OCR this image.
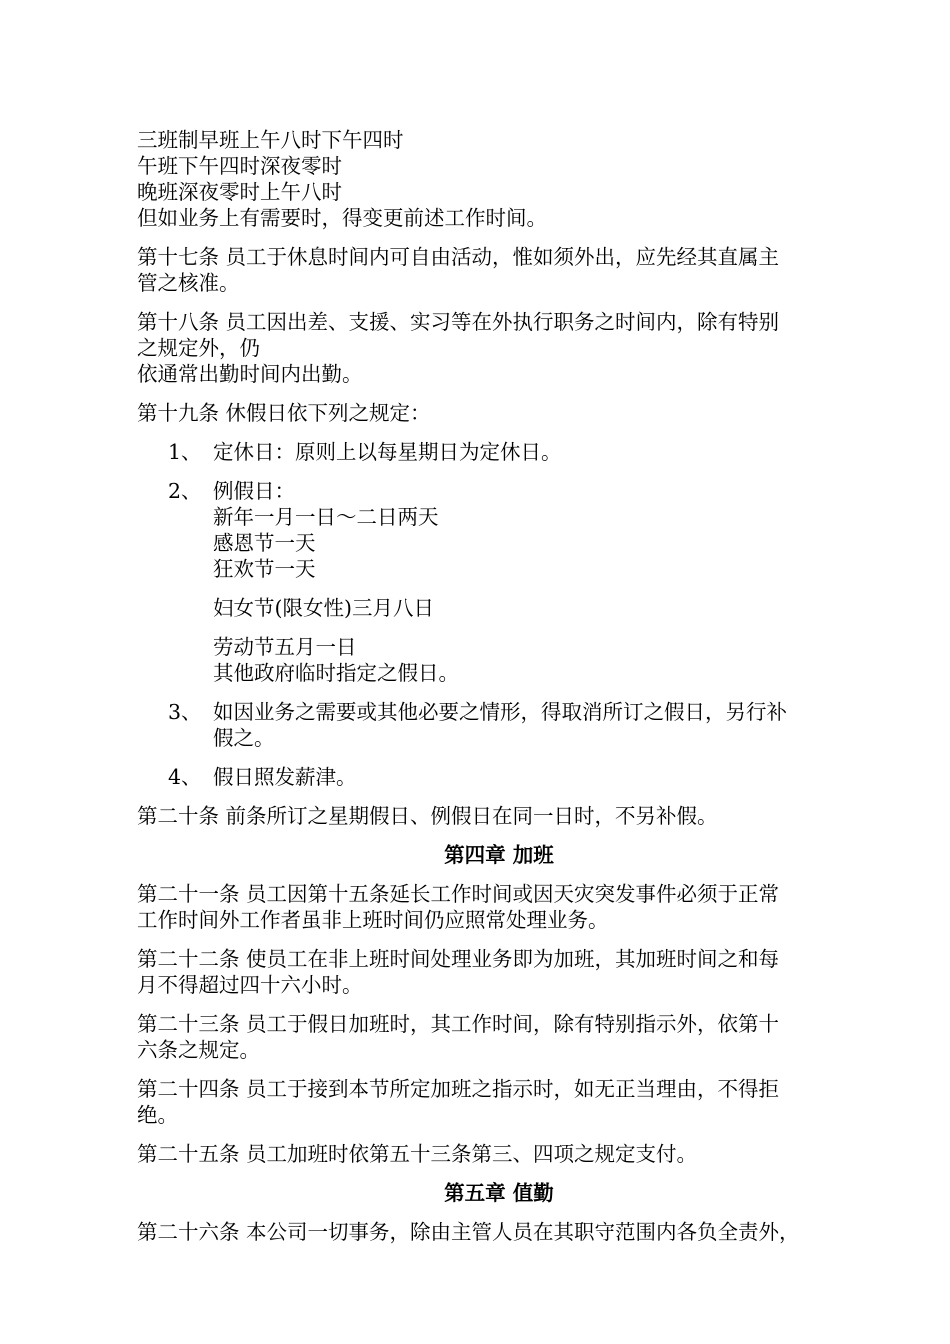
三班制早班上午八时下午四时
午班下午四时深夜零时
晚班深夜零时上午八时
但如业务上有需要时，得变更前述工作时间。
第十七条 员工于休息时间内可自由活动，惟如须外出，应先经其直属主
管之核准。
第十八条 员工因出差、支援、实习等在外执行职务之时间内，除有特别
之规定外，仍
依通常出勤时间内出勤。
第十九条 休假日依下列之规定：
1、 定休日：原则上以每星期日为定休日。
2、 例假日：
新年一月一日～二日两天
感恩节一天
狂欢节一天
妇女节(限女性)三月八日
劳动节五月一日
其他政府临时指定之假日。
3、 如因业务之需要或其他必要之情形，得取消所订之假日，另行补
假之。
4、 假日照发薪津。
第二十条 前条所订之星期假日、例假日在同一日时，不另补假。
第四章 加班
第二十一条 员工因第十五条延长工作时间或因天灾突发事件必须于正常
工作时间外工作者虽非上班时间仍应照常处理业务。
第二十二条 使员工在非上班时间处理业务即为加班，其加班时间之和每
月不得超过四十六小时。
第二十三条 员工于假日加班时，其工作时间，除有特别指示外，依第十
六条之规定。
第二十四条 员工于接到本节所定加班之指示时，如无正当理由，不得拒
绝。
第二十五条 员工加班时依第五十三条第三、四项之规定支付。
第五章 值勤
第二十六条 本公司一切事务，除由主管人员在其职守范围内各负全责外，
